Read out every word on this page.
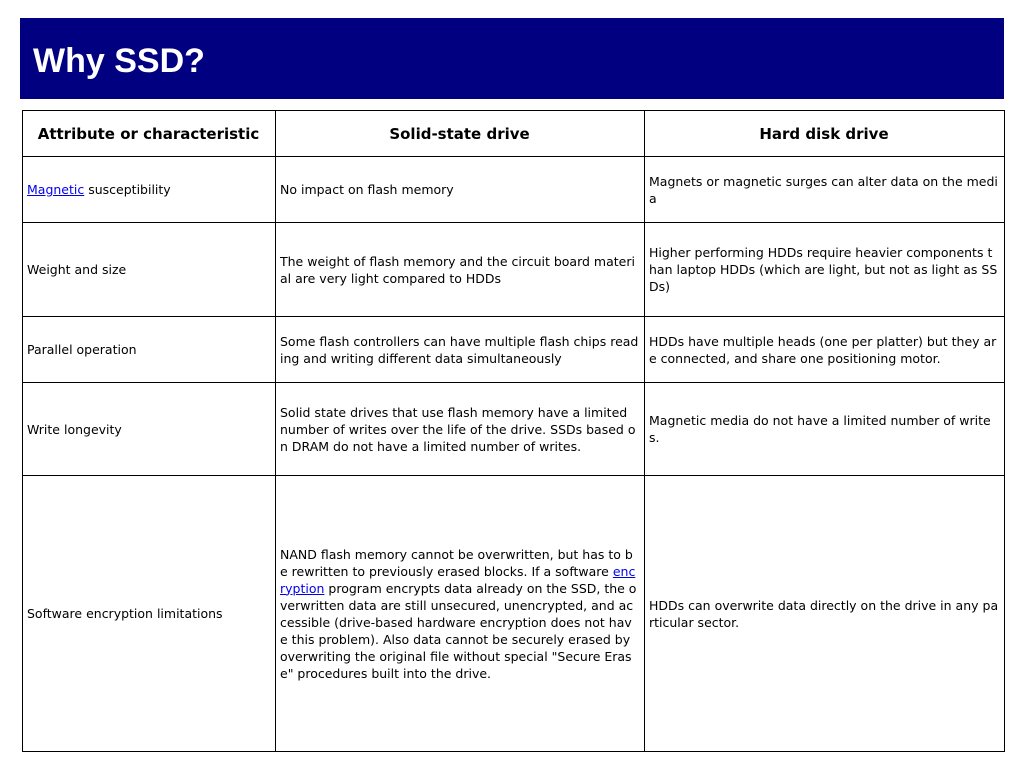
Why SSD?
Attribute or characteristic	Solid-state drive	Hard disk drive
Magnetic susceptibility	No impact on flash memory	Magnets or magnetic surges can alter data on the media
Weight and size	The weight of flash memory and the circuit board material are very light compared to HDDs	Higher performing HDDs require heavier components than laptop HDDs (which are light, but not as light as SSDs)
Parallel operation	Some flash controllers can have multiple flash chips reading and writing different data simultaneously	HDDs have multiple heads (one per platter) but they are connected, and share one positioning motor.
Write longevity	Solid state drives that use flash memory have a limited number of writes over the life of the drive. SSDs based on DRAM do not have a limited number of writes.	Magnetic media do not have a limited number of writes.
Software encryption limitations	NAND flash memory cannot be overwritten, but has to be rewritten to previously erased blocks. If a software encryption program encrypts data already on the SSD, the overwritten data are still unsecured, unencrypted, and accessible (drive-based hardware encryption does not have this problem). Also data cannot be securely erased by overwriting the original file without special "Secure Erase" procedures built into the drive.	HDDs can overwrite data directly on the drive in any particular sector.
